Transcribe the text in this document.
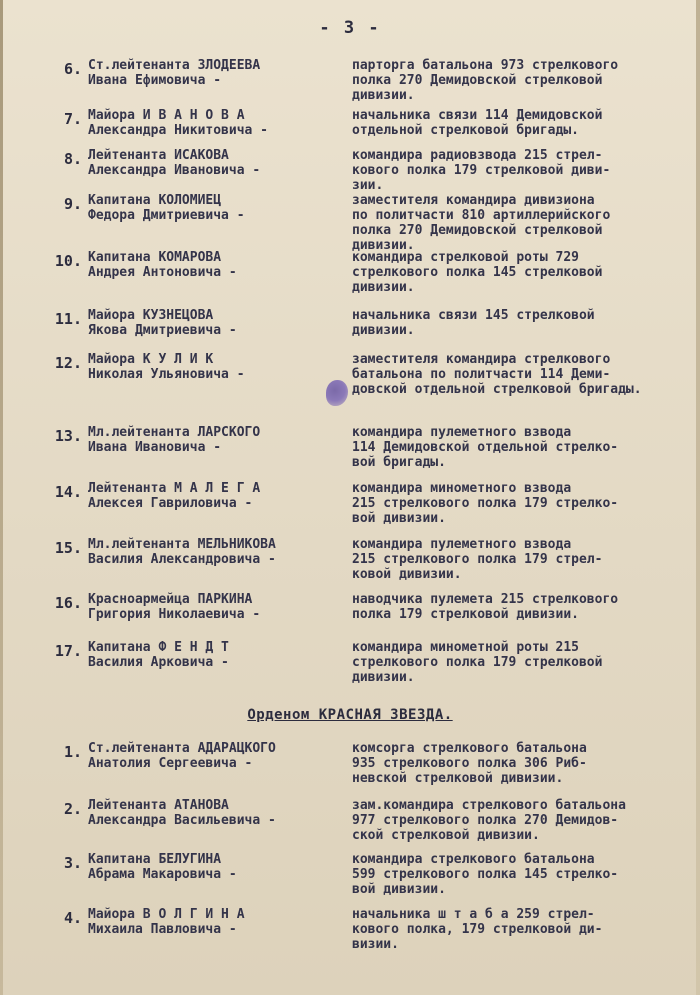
- 3 -
6. Ст.лейтенанта ЗЛОДЕЕВА
Ивана Ефимовича -
парторга батальона 973 стрелкового
полка 270 Демидовской стрелковой
дивизии.
7. Майора И В А Н О В А
Александра Никитовича -
начальника связи 114 Демидовской
отдельной стрелковой бригады.
8. Лейтенанта ИСАКОВА
Александра Ивановича -
командира радиовзвода 215 стрел-
кового полка 179 стрелковой диви-
зии.
9. Капитана КОЛОМИЕЦ
Федора Дмитриевича -
заместителя командира дивизиона
по политчасти 810 артиллерийского
полка 270 Демидовской стрелковой
дивизии.
10. Капитана КОМАРОВА
Андрея Антоновича -
командира стрелковой роты 729
стрелкового полка 145 стрелковой
дивизии.
11. Майора КУЗНЕЦОВА
Якова Дмитриевича -
начальника связи 145 стрелковой
дивизии.
12. Майора К У Л И К
Николая Ульяновича -
заместителя командира стрелкового
батальона по политчасти 114 Деми-
довской отдельной стрелковой бригады.
13. Мл.лейтенанта ЛАРСКОГО
Ивана Ивановича -
командира пулеметного взвода
114 Демидовской отдельной стрелко-
вой бригады.
14. Лейтенанта М А Л Е Г А
Алексея Гавриловича -
командира минометного взвода
215 стрелкового полка 179 стрелко-
вой дивизии.
15. Мл.лейтенанта МЕЛЬНИКОВА
Василия Александровича -
командира пулеметного взвода
215 стрелкового полка 179 стрел-
ковой дивизии.
16. Красноармейца ПАРКИНА
Григория Николаевича -
наводчика пулемета 215 стрелкового
полка 179 стрелковой дивизии.
17. Капитана Ф Е Н Д Т
Василия Арковича -
командира минометной роты 215
стрелкового полка 179 стрелковой
дивизии.
1. Ст.лейтенанта АДАРАЦКОГО
Анатолия Сергеевича -
комсорга стрелкового батальона
935 стрелкового полка 306 Риб-
невской стрелковой дивизии.
2. Лейтенанта АТАНОВА
Александра Васильевича -
зам.командира стрелкового батальона
977 стрелкового полка 270 Демидов-
ской стрелковой дивизии.
3. Капитана БЕЛУГИНА
Абрама Макаровича -
командира стрелкового батальона
599 стрелкового полка 145 стрелко-
вой дивизии.
4. Майора В О Л Г И Н А
Михаила Павловича -
начальника ш т а б а 259 стрел-
кового полка, 179 стрелковой ди-
визии.
Орденом КРАСНАЯ ЗВЕЗДА.
